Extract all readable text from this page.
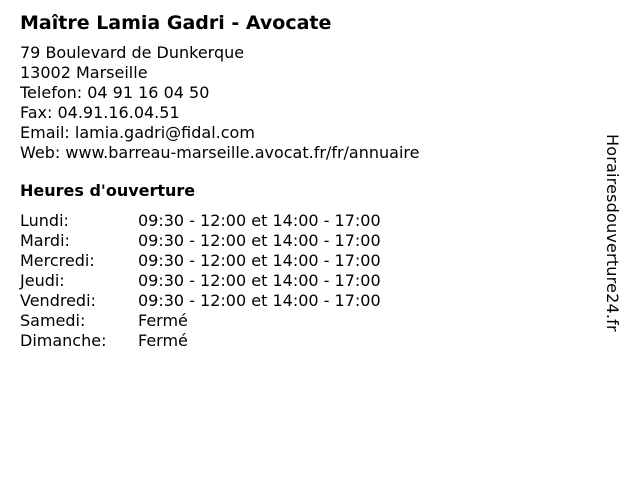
Maître Lamia Gadri - Avocate
79 Boulevard de Dunkerque
13002 Marseille
Telefon: 04 91 16 04 50
Fax: 04.91.16.04.51
Email: lamia.gadri@fidal.com
Web: www.barreau-marseille.avocat.fr/fr/annuaire
Heures d'ouverture
Lundi:	09:30 - 12:00 et 14:00 - 17:00
Mardi:	09:30 - 12:00 et 14:00 - 17:00
Mercredi:	09:30 - 12:00 et 14:00 - 17:00
Jeudi:	09:30 - 12:00 et 14:00 - 17:00
Vendredi:	09:30 - 12:00 et 14:00 - 17:00
Samedi:	Fermé
Dimanche:	Fermé
Horairesdouverture24.fr
